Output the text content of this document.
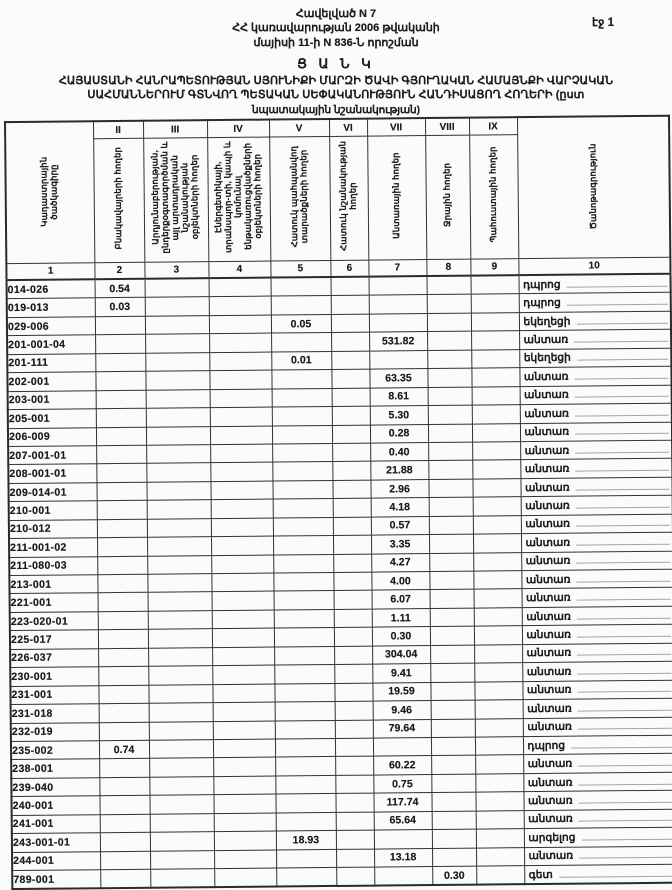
Հավելված N 7
ՀՀ կառավարության 2006 թվականի
մայիսի 11-ի N 836-Ն որոշման
էջ 1
Ց Ա Ն Կ
ՀԱՅԱՍՏԱՆԻ ՀԱՆՐԱՊԵՏՈՒԹՅԱՆ ՍՅՈՒՆԻՔԻ ՄԱՐԶԻ ԾԱՎԻ ԳՅՈՒՂԱԿԱՆ ՀԱՄԱՅՆՔԻ ՎԱՐՉԱԿԱՆ
ՍԱՀՄԱՆՆԵՐՈՒՄ ԳՏՆՎՈՂ ՊԵՏԱԿԱՆ ՍԵՓԱԿԱՆՈՒԹՅՈՒՆ ՀԱՆԴԻՍԱՑՈՂ ՀՈՂԵՐԻ (ըստ
նպատակային նշանակության)
Կադաստրային ծածկագիրը	II	III	IV	V	VI	VII	VIII	IX	Ծանոթագրություն
	Բնակավայրերի հողեր	Արդյունաբերության, ընդերքօգտագործման և այլ արտադրական նշանակության օբյեկտների հողեր	Էներգետիկայի, տրանսպոր-տի, կապի և կոմունալ ենթակառուցվածքների օբյեկտների հողեր	Հատուկ պահպանվող տարածքների հողեր	Հատուկ նշանակության հողեր	Անտառային հողեր	Ջրային հողեր	Պահուստային հողեր	
1	2	3	4	5	6	7	8	9	10
014-026	0.54								դպրոց

019-013	0.03								դպրոց

029-006				0.05					եկեղեցի

201-001-04						531.82			անտառ

201-111				0.01					եկեղեցի

202-001						63.35			անտառ

203-001						8.61			անտառ

205-001						5.30			անտառ

206-009						0.28			անտառ

207-001-01						0.40			անտառ

208-001-01						21.88			անտառ

209-014-01						2.96			անտառ

210-001						4.18			անտառ

210-012						0.57			անտառ

211-001-02						3.35			անտառ

211-080-03						4.27			անտառ

213-001						4.00			անտառ

221-001						6.07			անտառ

223-020-01						1.11			անտառ

225-017						0.30			անտառ

226-037						304.04			անտառ

230-001						9.41			անտառ

231-001						19.59			անտառ

231-018						9.46			անտառ

232-019						79.64			անտառ

235-002	0.74								դպրոց

238-001						60.22			անտառ

239-040						0.75			անտառ

240-001						117.74			անտառ

241-001						65.64			անտառ

243-001-01				18.93					արգելոց

244-001						13.18			անտառ

789-001							0.30		գետ
